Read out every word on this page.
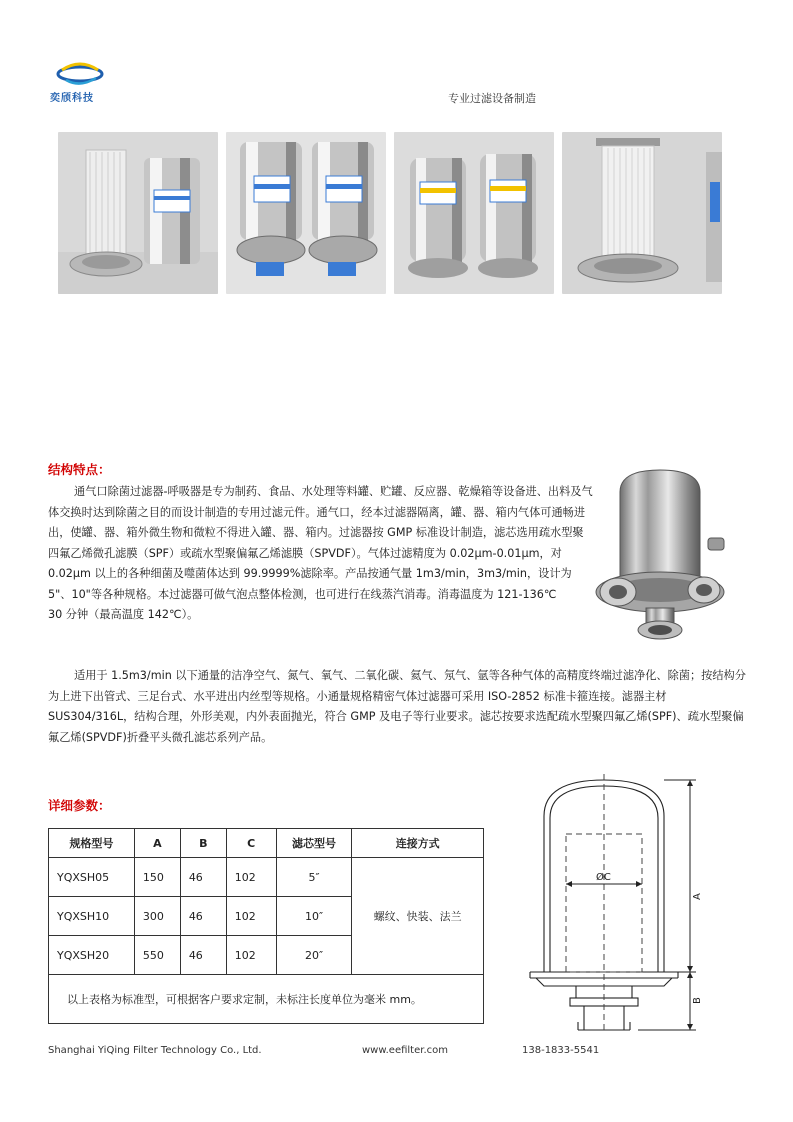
奕颀科技	专业过滤设备制造
结构特点：
通气口除菌过滤器-呼吸器是专为制药、食品、水处理等料罐、贮罐、反应器、乾燥箱等设备进、出料及气体交换时达到除菌之目的而设计制造的专用过滤元件。通气口，经本过滤器隔离，罐、器、箱内气体可通畅进出，使罐、器、箱外微生物和微粒不得进入罐、器、箱内。过滤器按 GMP 标准设计制造，滤芯选用疏水型聚四氟乙烯微孔滤膜（SPF）或疏水型聚偏氟乙烯滤膜（SPVDF）。气体过滤精度为 0.02μm-0.01μm，对 0.02μm 以上的各种细菌及噬菌体达到 99.9999%滤除率。产品按通气量 1m3/min，3m3/min，设计为 5"、10"等各种规格。本过滤器可做气泡点整体检测，也可进行在线蒸汽消毒。消毒温度为 121-136℃
30 分钟（最高温度 142℃）。
适用于 1.5m3/min 以下通量的洁净空气、氮气、氧气、二氧化碳、氦气、氖气、氩等各种气体的高精度终端过滤净化、除菌；按结构分为上进下出管式、三足台式、水平进出内丝型等规格。小通量规格精密气体过滤器可采用 ISO-2852 标准卡箍连接。滤器主材 SUS304/316L，结构合理，外形美观，内外表面抛光，符合 GMP 及电子等行业要求。滤芯按要求选配疏水型聚四氟乙烯(SPF)、疏水型聚偏氟乙烯(SPVDF)折叠平头微孔滤芯系列产品。
详细参数：
规格型号	A	B	C	滤芯型号	连接方式
YQXSH05	150	46	102	5″	螺纹、快装、法兰
YQXSH10	300	46	102	10″	
YQXSH20	550	46	102	20″	
以上表格为标准型，可根据客户要求定制，未标注长度单位为毫米 mm。					
ØC
A
B
Shanghai YiQing Filter Technology Co., Ltd.	www.eefilter.com	138-1833-5541
